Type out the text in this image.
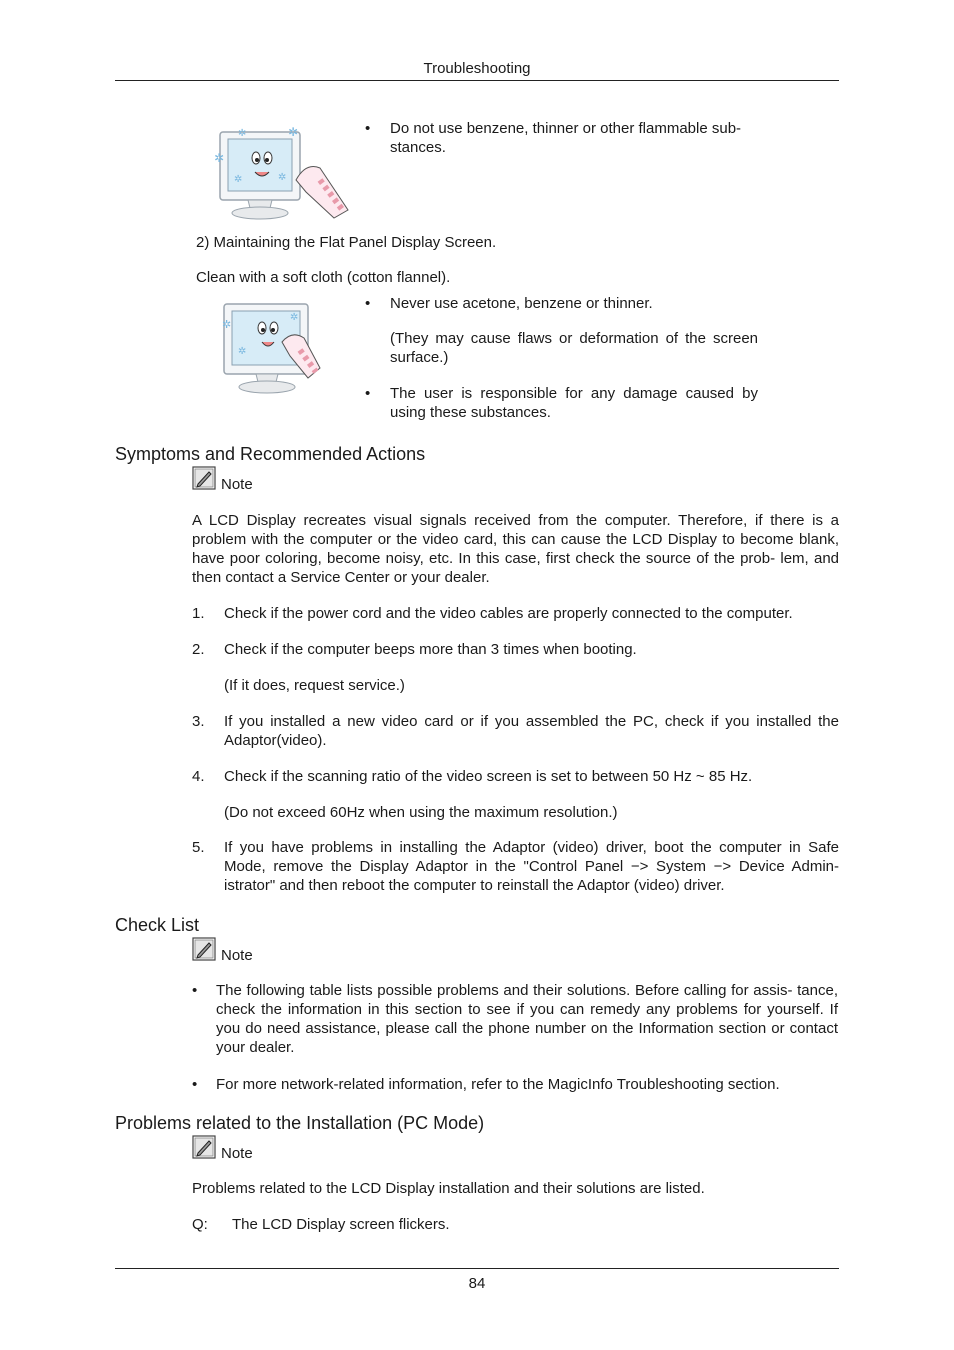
Troubleshooting
✲
✲
✲	✲
✲	•	Do not use benzene, thinner or other flammable sub-
stances.
2) Maintaining the Flat Panel Display Screen.
Clean with a soft cloth (cotton flannel).
✲
✲
✲
•	Never use acetone, benzene or thinner.
(They may cause flaws or deformation of the screen surface.)
•	The user is responsible for any damage caused by using these substances.
Symptoms and Recommended Actions
Note
A LCD Display recreates visual signals received from the computer. Therefore, if there is a problem with the computer or the video card, this can cause the LCD Display to become blank, have poor coloring, become noisy, etc. In this case, first check the source of the prob- lem, and then contact a Service Center or your dealer.
1. Check if the power cord and the video cables are properly connected to the computer.
2. Check if the computer beeps more than 3 times when booting.
(If it does, request service.)
3. If you installed a new video card or if you assembled the PC, check if you installed the Adaptor(video).
4. Check if the scanning ratio of the video screen is set to between 50 Hz ~ 85 Hz.
(Do not exceed 60Hz when using the maximum resolution.)
5. If you have problems in installing the Adaptor (video) driver, boot the computer in Safe Mode, remove the Display Adaptor in the "Control Panel −> System −> Device Admin- istrator" and then reboot the computer to reinstall the Adaptor (video) driver.
Check List
Note
•	The following table lists possible problems and their solutions. Before calling for assis- tance, check the information in this section to see if you can remedy any problems for yourself. If you do need assistance, please call the phone number on the Information section or contact your dealer.
•	For more network-related information, refer to the MagicInfo Troubleshooting section.
Problems related to the Installation (PC Mode)
Note
Problems related to the LCD Display installation and their solutions are listed.
Q: The LCD Display screen flickers.
84
